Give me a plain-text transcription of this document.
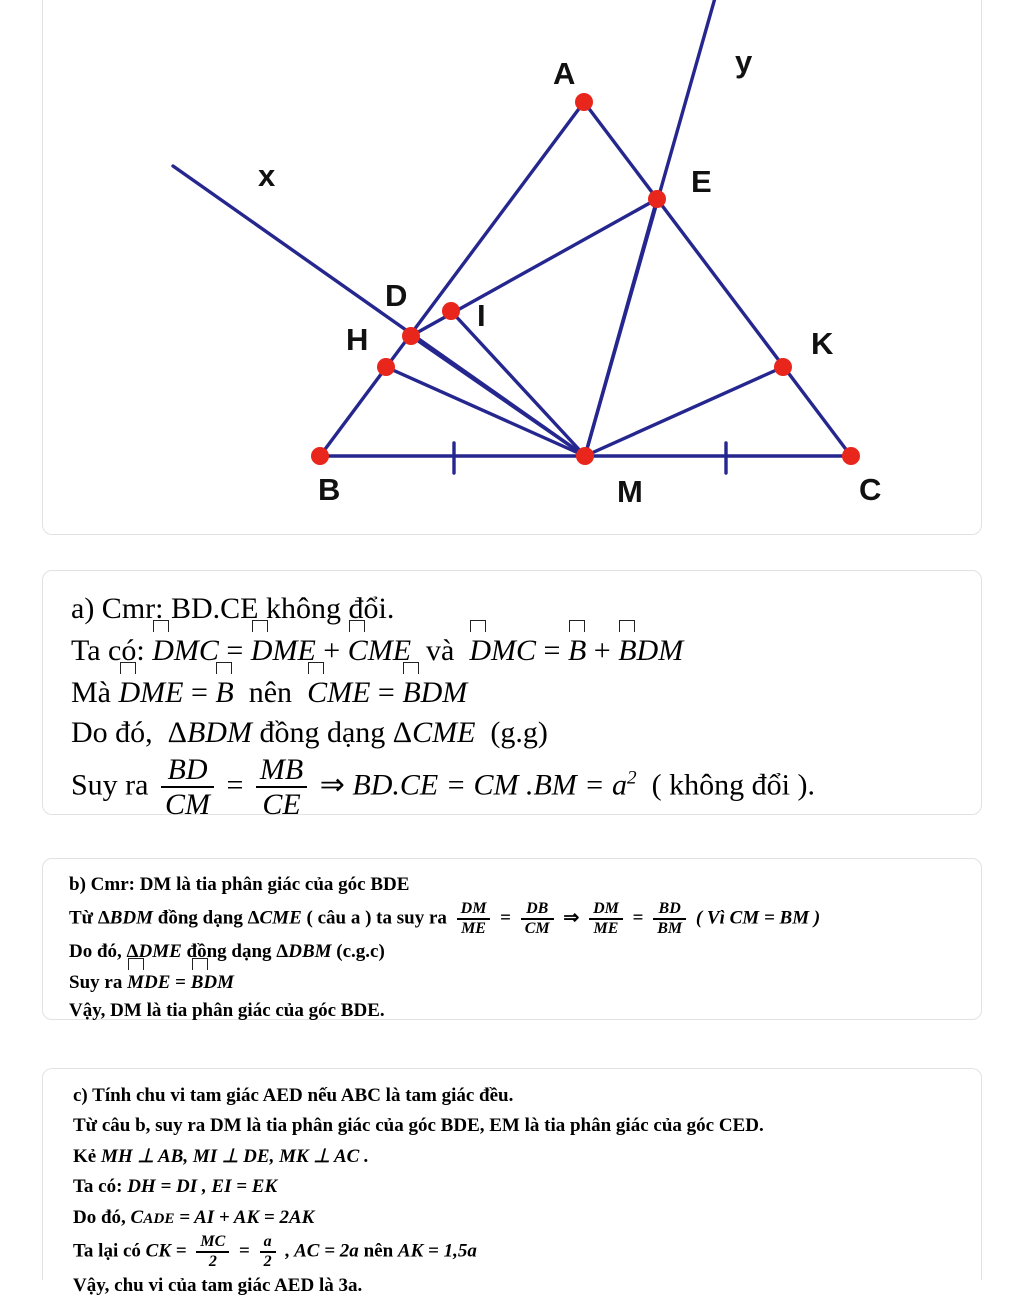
A	y
x	E
D
I
H	K
B	M	C
a) Cmr: BD.CE không đổi.
Ta có: DMC = DME + CME và DMC = B + BDM
Mà DME = B nên CME = BDM
Do đó, ΔBDM đồng dạng ΔCME (g.g)
Suy ra $\frac{BD}{CM} = \frac{MB}{CE}$ ⇒ BD.CE = CM $.BM = a^2$ ( không đổi ).
b) Cmr: DM là tia phân giác của góc BDE
Từ ΔBDM đồng dạng ΔCME ( câu a ) ta suy ra $\frac{DM}{ME} = \frac{DB}{CM}$ ⇒ $\frac{DM}{ME} = \frac{BD}{BM}$ ( Vì CM = BM )
Do đó, ΔDME đồng dạng ΔDBM (c.g.c)
Suy ra MDE = BDM
Vậy, DM là tia phân giác của góc BDE.
c) Tính chu vi tam giác AED nếu ABC là tam giác đều.
Từ câu b, suy ra DM là tia phân giác của góc BDE, EM là tia phân giác của góc CED.
Kẻ MH ⊥ AB, MI ⊥ DE, MK ⊥ AC .
Ta có: DH = DI , EI = EK
Do đó, CADE = AI + AK = 2AK
Ta lại có CK = $\frac{MC}{2} = \frac{a}{2}$ , AC = 2a nên AK = 1,5a
Vậy, chu vi của tam giác AED là 3a.
